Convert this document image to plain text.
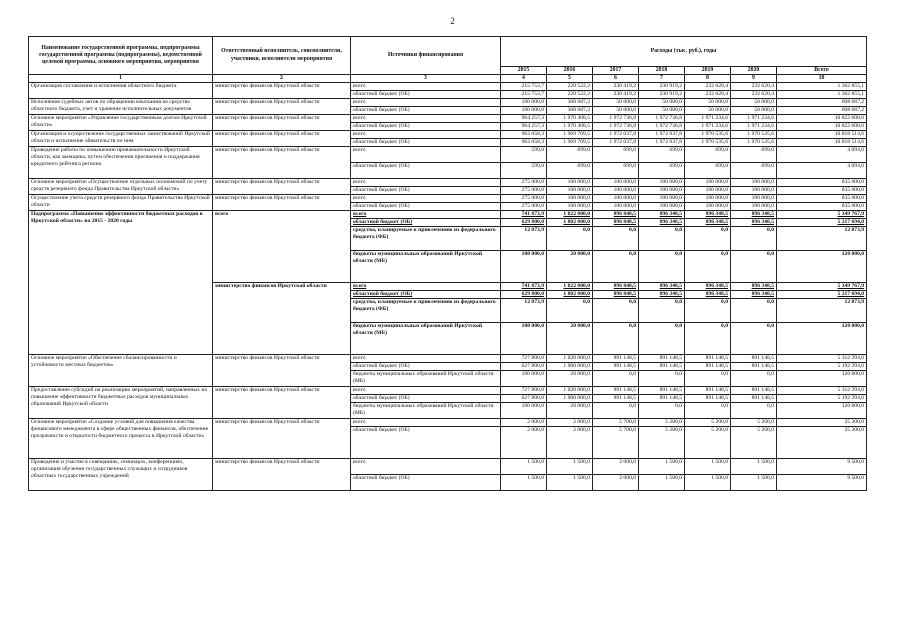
2
Наименование государственной программы, подпрограммы государственной программы (подпрограммы), ведомственной целевой программы, основного мероприятия, мероприятия	Ответственный исполнитель, соисполнители, участники, исполнители мероприятия	Источники финансирования	Расходы (тыс. руб.), годы						
			2015	2016	2017	2018	2019	2020	Всего
1	2	3	4	5	6	7	8	9	10
Организация составления и исполнения областного бюджета	министерство финансов Иркутской области	всего	215 753,7	220 522,2	230 419,2	230 919,2	232 620,4	232 620,4	1 362 855,1
		областной бюджет (ОБ)	215 753,7	220 522,2	230 419,2	230 919,2	232 620,4	232 620,4	1 362 855,1
Исполнение судебных актов по обращению взыскания на средства областного бюджета, учет и хранение исполнительных документов	министерство финансов Иркутской области	всего	100 000,0	308 687,2	50 000,0	50 000,0	50 000,0	50 000,0	608 687,2
		областной бюджет (ОБ)	100 000,0	308 687,2	50 000,0	50 000,0	50 000,0	50 000,0	608 687,2
Основное мероприятие «Управление государственным долгом Иркутской области»	министерство финансов Иркутской области	всего	964 257,3	1 970 408,5	1 972 736,8	1 972 736,8	1 971 234,6	1 971 234,6	10 822 608,6
		областной бюджет (ОБ)	964 257,3	1 970 408,5	1 972 736,8	1 972 736,8	1 971 234,6	1 971 234,6	10 822 608,6
Организация и осуществление государственных заимствований Иркутской области и исполнение обязательств по ним	министерство финансов Иркутской области	всего	963 658,3	1 969 709,5	1 972 037,8	1 972 037,8	1 970 535,6	1 970 535,6	10 818 514,6
		областной бюджет (ОБ)	963 658,3	1 969 709,5	1 972 037,8	1 972 037,8	1 970 535,6	1 970 535,6	10 818 514,6
Проведение работы по повышению привлекательности Иркутской области, как заемщика, путем обеспечения присвоения и поддержания кредитного рейтинга региона	министерство финансов Иркутской области	всего	599,0	699,0	699,0	699,0	699,0	699,0	4 094,0
		областной бюджет (ОБ)	599,0	699,0	699,0	699,0	699,0	699,0	4 094,0
Основное мероприятие «Осуществление отдельных полномочий по учету средств резервного фонда Правительства Иркутской области»	министерство финансов Иркутской области	всего	275 000,0	160 000,0	100 000,0	100 000,0	100 000,0	100 000,0	835 000,0
		областной бюджет (ОБ)	275 000,0	160 000,0	100 000,0	100 000,0	100 000,0	100 000,0	835 000,0
Осуществление учета средств резервного фонда Правительства Иркутской области	министерство финансов Иркутской области	всего	275 000,0	160 000,0	100 000,0	100 000,0	100 000,0	100 000,0	835 000,0
		областной бюджет (ОБ)	275 000,0	160 000,0	100 000,0	100 000,0	100 000,0	100 000,0	835 000,0
Подпрограмма «Повышение эффективности бюджетных расходов в Иркутской области» на 2015 - 2020 годы	всего	всего	741 873,9	1 022 000,0	896 848,5	896 348,5	896 348,5	896 348,5	5 349 767,9
		областной бюджет (ОБ)	629 800,0	1 002 000,0	896 848,5	896 348,5	896 348,5	896 348,5	5 217 694,0
		средства, планируемые к привлечению из федерального бюджета (ФБ)	12 073,9	0,0	0,0	0,0	0,0	0,0	12 073,9
		бюджеты муниципальных образований Иркутской области (МБ)	100 000,0	20 000,0	0,0	0,0	0,0	0,0	120 000,0
	министерство финансов Иркутской области	всего	741 873,9	1 022 000,0	896 848,5	896 348,5	896 348,5	896 348,5	5 349 767,9
		областной бюджет (ОБ)	629 800,0	1 002 000,0	896 848,5	896 348,5	896 348,5	896 348,5	5 217 694,0
		средства, планируемые к привлечению из федерального бюджета (ФБ)	12 073,9	0,0	0,0	0,0	0,0	0,0	12 073,9
		бюджеты муниципальных образований Иркутской области (МБ)	100 000,0	20 000,0	0,0	0,0	0,0	0,0	120 000,0
Основное мероприятие «Обеспечение сбалансированности и устойчивости местных бюджетов»	министерство финансов Иркутской области	всего	727 800,0	1 020 000,0	891 148,5	891 148,5	891 148,5	891 148,5	5 312 394,0
		областной бюджет (ОБ)	627 800,0	1 000 000,0	891 148,5	891 148,5	891 148,5	891 148,5	5 192 394,0
		бюджеты муниципальных образований Иркутской области (МБ)	100 000,0	20 000,0	0,0	0,0	0,0	0,0	120 000,0
Предоставление субсидий на реализацию мероприятий, направленных на повышение эффективности бюджетных расходов муниципальных образований Иркутской области	министерство финансов Иркутской области	всего	727 800,0	1 020 000,0	891 148,5	891 148,5	891 148,5	891 148,5	5 312 394,0
		областной бюджет (ОБ)	627 800,0	1 000 000,0	891 148,5	891 148,5	891 148,5	891 148,5	5 192 394,0
		бюджеты муниципальных образований Иркутской области (МБ)	100 000,0	20 000,0	0,0	0,0	0,0	0,0	120 000,0
Основное мероприятие «Создание условий для повышения качества финансового менеджмента в сфере общественных финансов, обеспечение прозрачности и открытости бюджетного процесса в Иркутской области»	министерство финансов Иркутской области	всего	2 000,0	2 000,0	5 700,0	5 200,0	5 200,0	5 200,0	25 300,0
		областной бюджет (ОБ)	2 000,0	2 000,0	5 700,0	5 200,0	5 200,0	5 200,0	25 300,0
Проведение и участие в совещаниях, семинарах, конференциях, организация обучения государственных служащих и сотрудников областных государственных учреждений	министерство финансов Иркутской области	всего	1 500,0	1 500,0	2 000,0	1 500,0	1 500,0	1 500,0	9 500,0
		областной бюджет (ОБ)	1 500,0	1 500,0	2 000,0	1 500,0	1 500,0	1 500,0	9 500,0
